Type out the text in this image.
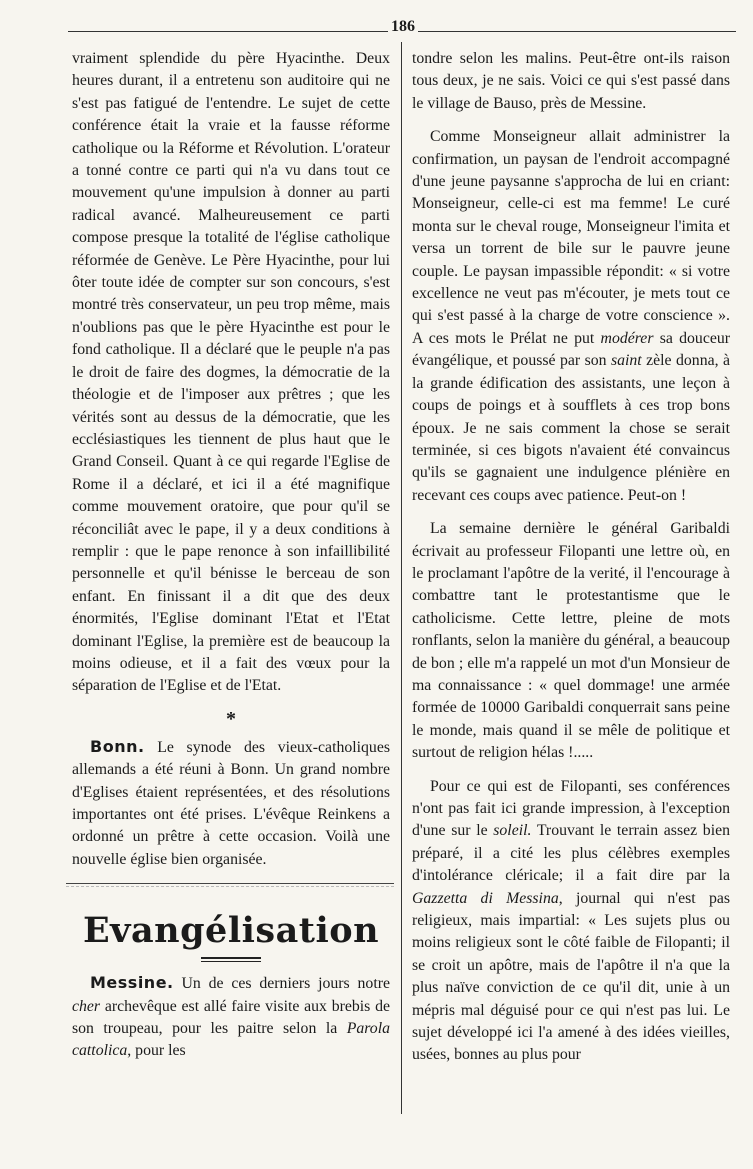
186

vraiment splendide du père Hyacinthe. Deux heures durant, il a entretenu son auditoire qui ne s'est pas fatigué de l'entendre. Le sujet de cette conférence était la vraie et la fausse réforme catholique ou la Réforme et Révolution. L'orateur a tonné contre ce parti qui n'a vu dans tout ce mouvement qu'une impulsion à donner au parti radical avancé. Malheureusement ce parti compose presque la totalité de l'église catholique réformée de Genève. Le Père Hyacinthe, pour lui ôter toute idée de compter sur son concours, s'est montré très conservateur, un peu trop même, mais n'oublions pas que le père Hyacinthe est pour le fond catholique. Il a déclaré que le peuple n'a pas le droit de faire des dogmes, la démocratie de la théologie et de l'imposer aux prêtres ; que les vérités sont au dessus de la démocratie, que les ecclésiastiques les tiennent de plus haut que le Grand Conseil. Quant à ce qui regarde l'Eglise de Rome il a déclaré, et ici il a été magnifique comme mouvement oratoire, que pour qu'il se réconciliât avec le pape, il y a deux conditions à remplir : que le pape renonce à son infaillibilité personnelle et qu'il bénisse le berceau de son enfant. En finissant il a dit que des deux énormités, l'Eglise dominant l'Etat et l'Etat dominant l'Eglise, la première est de beaucoup la moins odieuse, et il a fait des vœux pour la séparation de l'Eglise et de l'Etat.

*

Bonn. Le synode des vieux-catholiques allemands a été réuni à Bonn. Un grand nombre d'Eglises étaient représentées, et des résolutions importantes ont été prises. L'évêque Reinkens a ordonné un prêtre à cette occasion. Voilà une nouvelle église bien organisée.

Evangélisation

Messine. Un de ces derniers jours notre cher archevêque est allé faire visite aux brebis de son troupeau, pour les paitre selon la Parola cattolica, pour les

tondre selon les malins. Peut-être ont-ils raison tous deux, je ne sais. Voici ce qui s'est passé dans le village de Bauso, près de Messine.

Comme Monseigneur allait administrer la confirmation, un paysan de l'endroit accompagné d'une jeune paysanne s'approcha de lui en criant: Monseigneur, celle-ci est ma femme! Le curé monta sur le cheval rouge, Monseigneur l'imita et versa un torrent de bile sur le pauvre jeune couple. Le paysan impassible répondit: « si votre excellence ne veut pas m'écouter, je mets tout ce qui s'est passé à la charge de votre conscience ». A ces mots le Prélat ne put modérer sa douceur évangélique, et poussé par son saint zèle donna, à la grande édification des assistants, une leçon à coups de poings et à soufflets à ces trop bons époux. Je ne sais comment la chose se serait terminée, si ces bigots n'avaient été convaincus qu'ils se gagnaient une indulgence plénière en recevant ces coups avec patience. Peut-on !

La semaine dernière le général Garibaldi écrivait au professeur Filopanti une lettre où, en le proclamant l'apôtre de la verité, il l'encourage à combattre tant le protestantisme que le catholicisme. Cette lettre, pleine de mots ronflants, selon la manière du général, a beaucoup de bon ; elle m'a rappelé un mot d'un Monsieur de ma connaissance : « quel dommage! une armée formée de 10000 Garibaldi conquerrait sans peine le monde, mais quand il se mêle de politique et surtout de religion hélas !.....

Pour ce qui est de Filopanti, ses conférences n'ont pas fait ici grande impression, à l'exception d'une sur le soleil. Trouvant le terrain assez bien préparé, il a cité les plus célèbres exemples d'intolérance cléricale; il a fait dire par la Gazzetta di Messina, journal qui n'est pas religieux, mais impartial: « Les sujets plus ou moins religieux sont le côté faible de Filopanti; il se croit un apôtre, mais de l'apôtre il n'a que la plus naïve conviction de ce qu'il dit, unie à un mépris mal déguisé pour ce qui n'est pas lui. Le sujet développé ici l'a amené à des idées vieilles, usées, bonnes au plus pour
